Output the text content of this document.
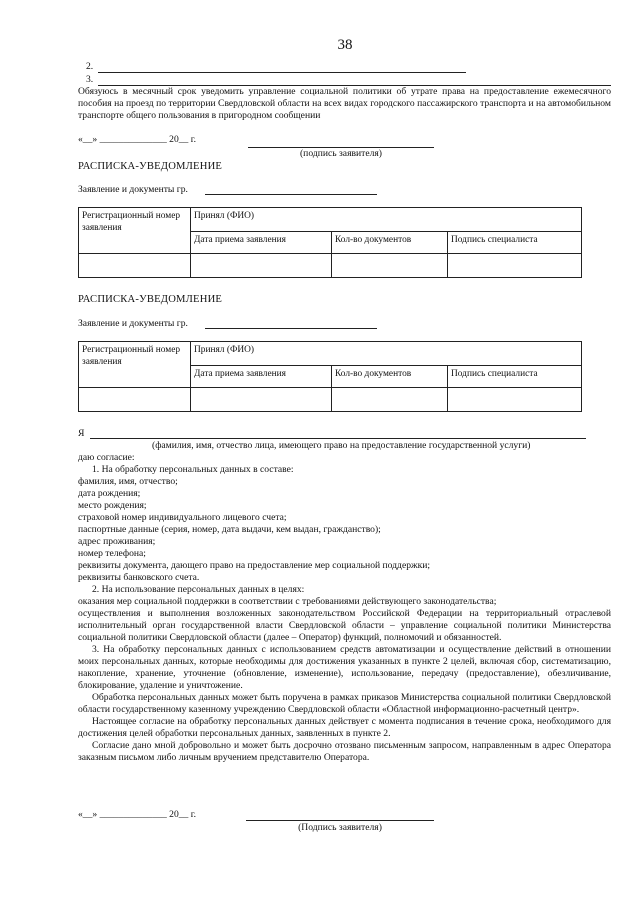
38
2.
3.
Обязуюсь в месячный срок уведомить управление социальной политики об утрате права на предоставление ежемесячного пособия на проезд по территории Свердловской области на всех видах городского пассажирского транспорта и на автомобильном транспорте общего пользования в пригородном сообщении
«__» ______________ 20__ г.
(подпись заявителя)
РАСПИСКА-УВЕДОМЛЕНИЕ
Заявление и документы гр.
Регистрационный номер заявления	Принял (ФИО)		
	Дата приема заявления	Кол-во документов	Подпись специалиста

РАСПИСКА-УВЕДОМЛЕНИЕ
Заявление и документы гр.
Регистрационный номер заявления	Принял (ФИО)		
	Дата приема заявления	Кол-во документов	Подпись специалиста

Я
(фамилия, имя, отчество лица, имеющего право на предоставление государственной услуги)
даю согласие:
1. На обработку персональных данных в составе:
фамилия, имя, отчество;
дата рождения;
место рождения;
страховой номер индивидуального лицевого счета;
паспортные данные (серия, номер, дата выдачи, кем выдан, гражданство);
адрес проживания;
номер телефона;
реквизиты документа, дающего право на предоставление мер социальной поддержки;
реквизиты банковского счета.
2. На использование персональных данных в целях:
оказания мер социальной поддержки в соответствии с требованиями действующего законодательства;
осуществления и выполнения возложенных законодательством Российской Федерации на территориальный отраслевой исполнительный орган государственной власти Свердловской области – управление социальной политики Министерства социальной политики Свердловской области (далее – Оператор) функций, полномочий и обязанностей.
3. На обработку персональных данных с использованием средств автоматизации и осуществление действий в отношении моих персональных данных, которые необходимы для достижения указанных в пункте 2 целей, включая сбор, систематизацию, накопление, хранение, уточнение (обновление, изменение), использование, передачу (предоставление), обезличивание, блокирование, удаление и уничтожение.
Обработка персональных данных может быть поручена в рамках приказов Министерства социальной политики Свердловской области государственному казенному учреждению Свердловской области «Областной информационно-расчетный центр».
Настоящее согласие на обработку персональных данных действует с момента подписания в течение срока, необходимого для достижения целей обработки персональных данных, заявленных в пункте 2.
Согласие дано мной добровольно и может быть досрочно отозвано письменным запросом, направленным в адрес Оператора заказным письмом либо личным вручением представителю Оператора.
«__» ______________ 20__ г.
(Подпись заявителя)
